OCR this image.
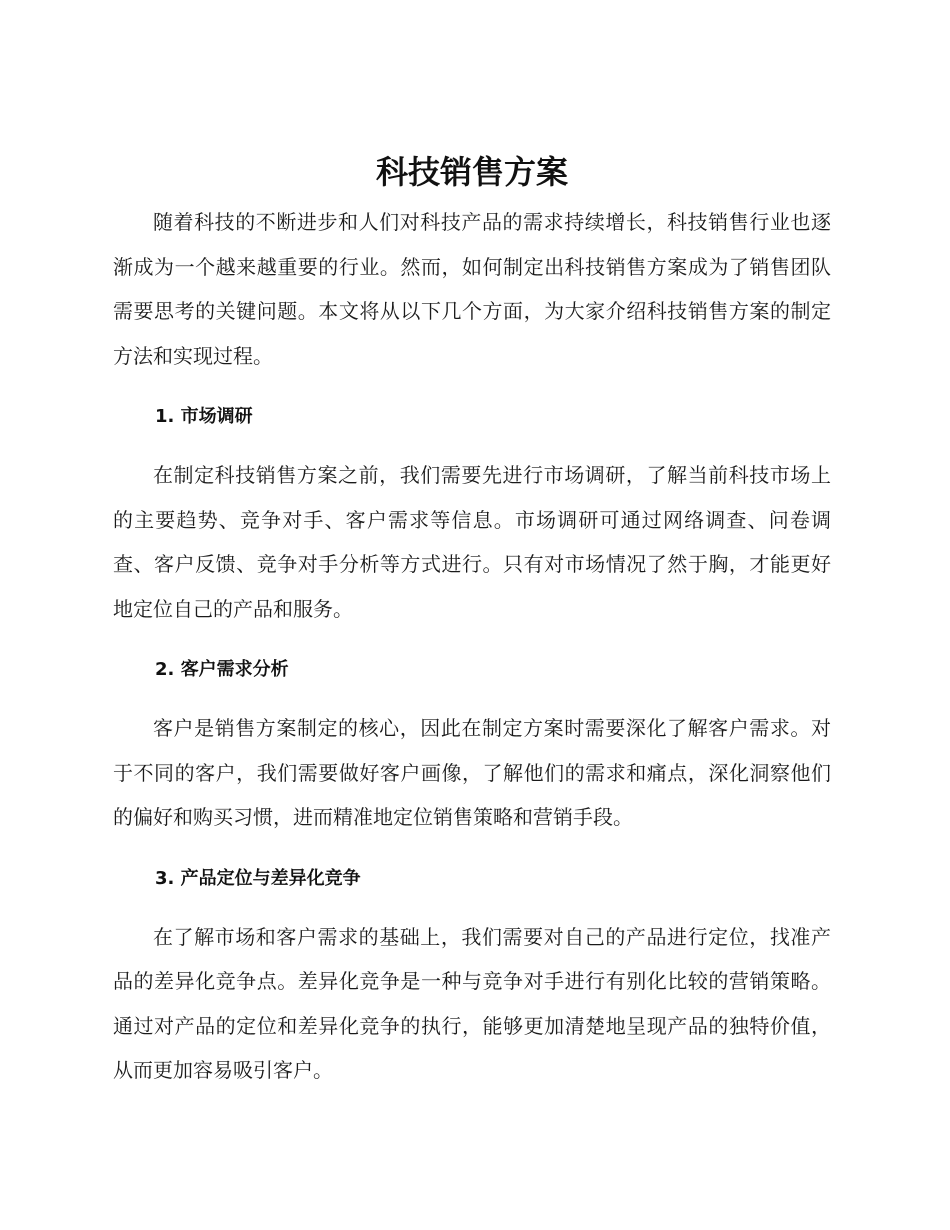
科技销售方案

随着科技的不断进步和人们对科技产品的需求持续增长，科技销售行业也逐渐成为一个越来越重要的行业。然而，如何制定出科技销售方案成为了销售团队需要思考的关键问题。本文将从以下几个方面，为大家介绍科技销售方案的制定方法和实现过程。

1. 市场调研

在制定科技销售方案之前，我们需要先进行市场调研，了解当前科技市场上的主要趋势、竞争对手、客户需求等信息。市场调研可通过网络调查、问卷调查、客户反馈、竞争对手分析等方式进行。只有对市场情况了然于胸，才能更好地定位自己的产品和服务。

2. 客户需求分析

客户是销售方案制定的核心，因此在制定方案时需要深化了解客户需求。对于不同的客户，我们需要做好客户画像，了解他们的需求和痛点，深化洞察他们的偏好和购买习惯，进而精准地定位销售策略和营销手段。

3. 产品定位与差异化竞争

在了解市场和客户需求的基础上，我们需要对自己的产品进行定位，找准产品的差异化竞争点。差异化竞争是一种与竞争对手进行有别化比较的营销策略。通过对产品的定位和差异化竞争的执行，能够更加清楚地呈现产品的独特价值，从而更加容易吸引客户。
